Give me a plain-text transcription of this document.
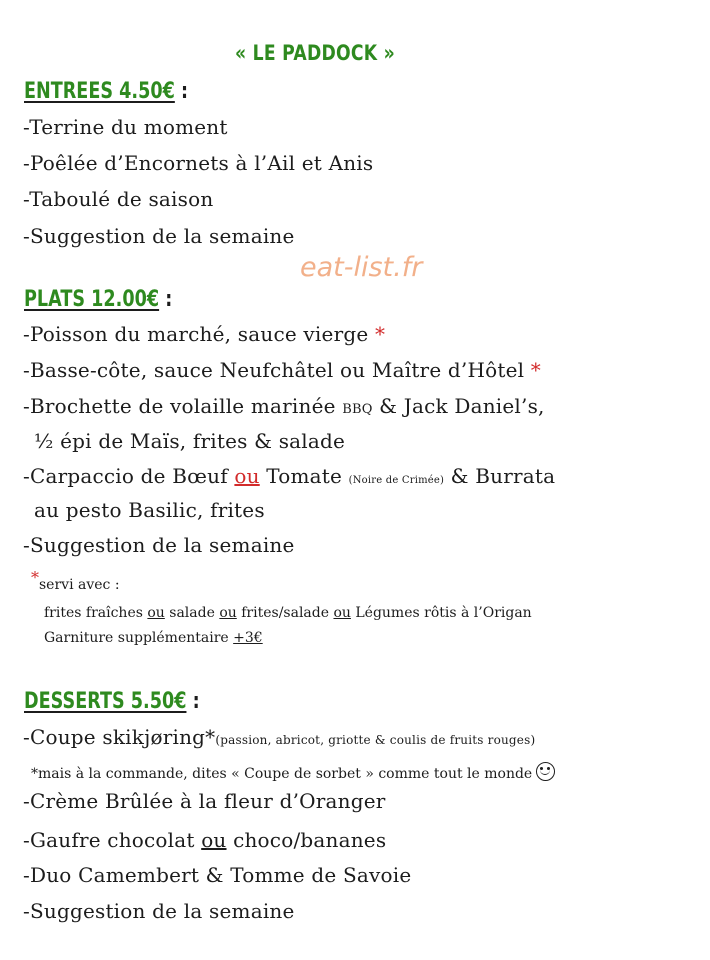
« LE PADDOCK »
ENTREES 4.50€ :
-Terrine du moment
-Poêlée d’Encornets à l’Ail et Anis
-Taboulé de saison
-Suggestion de la semaine
eat-list.fr
PLATS 12.00€ :
-Poisson du marché, sauce vierge *
-Basse-côte, sauce Neufchâtel ou Maître d’Hôtel *
-Brochette de volaille marinée BBQ & Jack Daniel’s,
½ épi de Maïs, frites & salade
-Carpaccio de Bœuf ou Tomate (Noire de Crimée) & Burrata
au pesto Basilic, frites
-Suggestion de la semaine
*servi avec :
frites fraîches ou salade ou frites/salade ou Légumes rôtis à l’Origan
Garniture supplémentaire +3€
DESSERTS 5.50€ :
-Coupe skikjøring*(passion, abricot, griotte & coulis de fruits rouges)
*mais à la commande, dites « Coupe de sorbet » comme tout le monde
-Crème Brûlée à la fleur d’Oranger
-Gaufre chocolat ou choco/bananes
-Duo Camembert & Tomme de Savoie
-Suggestion de la semaine
